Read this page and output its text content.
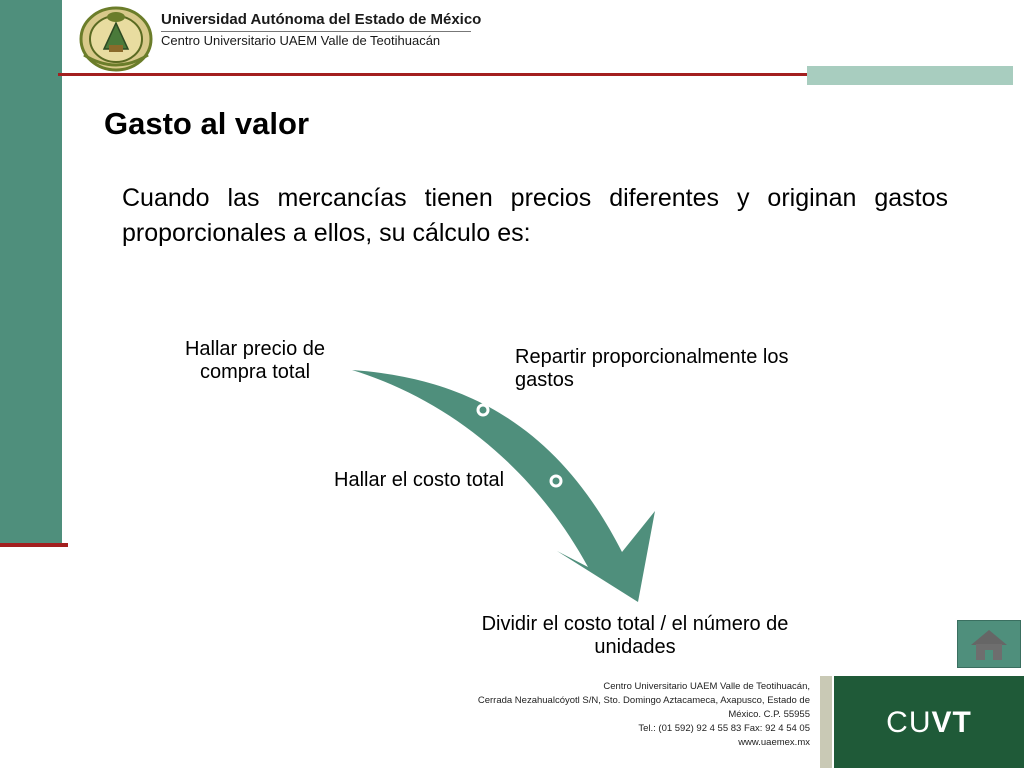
Universidad Autónoma del Estado de México
Centro Universitario UAEM Valle de Teotihuacán
Gasto al valor
Cuando las mercancías tienen precios diferentes y originan gastos proporcionales a ellos, su cálculo es:
Hallar precio de compra total
Repartir proporcionalmente los gastos
Hallar el costo total
Dividir el costo total / el número de unidades
Centro Universitario UAEM Valle de Teotihuacán,
Cerrada Nezahualcóyotl S/N, Sto. Domingo Aztacameca, Axapusco, Estado de
México. C.P. 55955
Tel.: (01 592) 92 4 55 83 Fax: 92 4 54 05
www.uaemex.mx
CUVT
